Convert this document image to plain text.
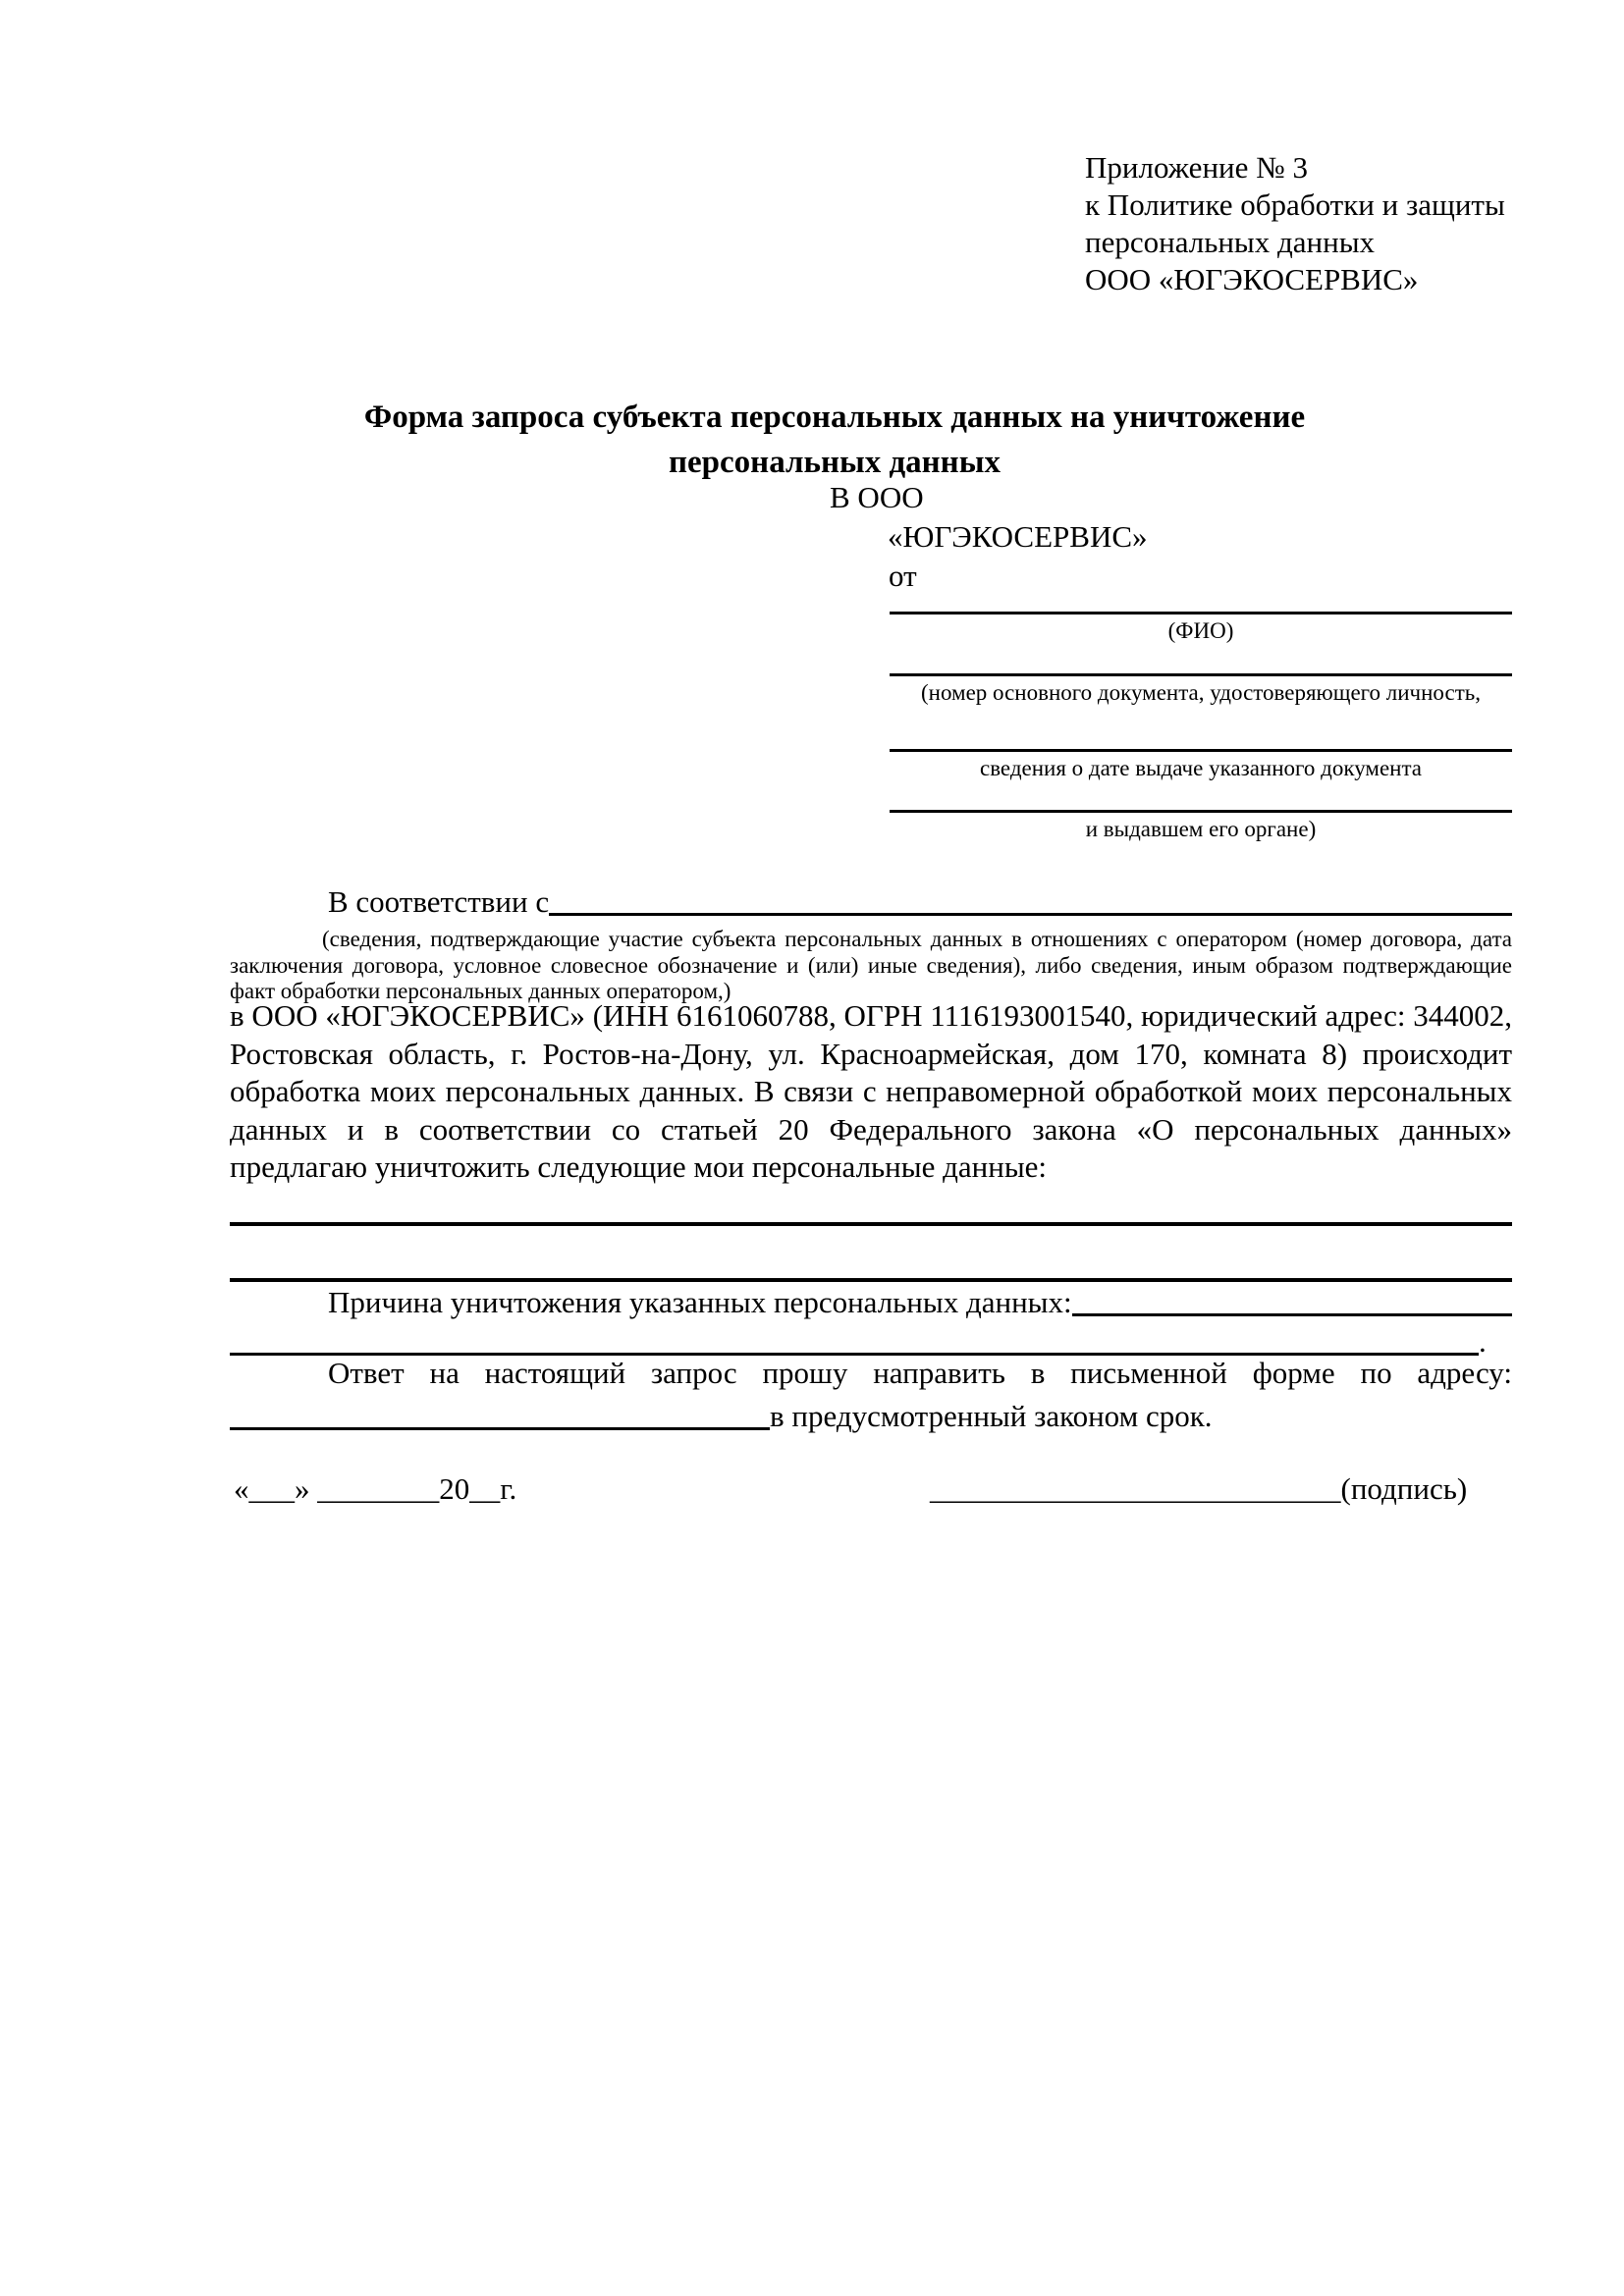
Приложение № 3
к Политике обработки и защиты
персональных данных
ООО «ЮГЭКОСЕРВИС»
Форма запроса субъекта персональных данных на уничтожение
персональных данных
В ООО
«ЮГЭКОСЕРВИС»
от
(ФИО)
(номер основного документа, удостоверяющего личность,
сведения о дате выдаче указанного документа
и выдавшем его органе)
В соответствии с
(сведения, подтверждающие участие субъекта персональных данных в отношениях с оператором (номер договора, дата заключения договора, условное словесное обозначение и (или) иные сведения), либо сведения, иным образом подтверждающие факт обработки персональных данных оператором,)
в ООО «ЮГЭКОСЕРВИС» (ИНН 6161060788, ОГРН 1116193001540, юридический адрес: 344002, Ростовская область, г. Ростов-на-Дону, ул. Красноармейская, дом 170, комната 8) происходит обработка моих персональных данных. В связи с неправомерной обработкой моих персональных данных и в соответствии со статьей 20 Федерального закона «О персональных данных» предлагаю уничтожить следующие мои персональные данные:
Причина уничтожения указанных персональных данных:
.
Ответ на настоящий запрос прошу направить в письменной форме по адресу:
в предусмотренный законом срок.
«___» ________20__г.	___________________________(подпись)
